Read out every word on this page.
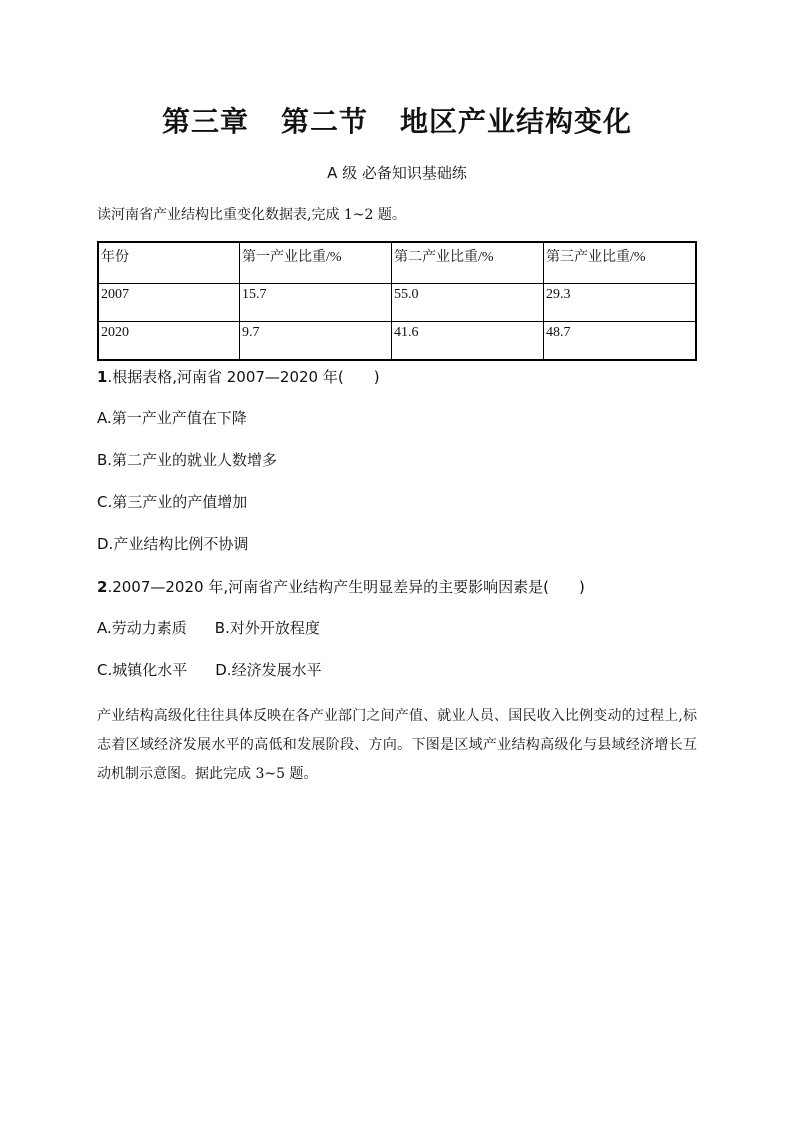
第三章 第二节 地区产业结构变化
A 级 必备知识基础练
读河南省产业结构比重变化数据表,完成 1~2 题。
年份	第一产业比重/%	第二产业比重/%	第三产业比重/%
2007	15.7	55.0	29.3
2020	9.7	41.6	48.7
1.根据表格,河南省 2007—2020 年(　　)
A.第一产业产值在下降
B.第二产业的就业人数增多
C.第三产业的产值增加
D.产业结构比例不协调
2.2007—2020 年,河南省产业结构产生明显差异的主要影响因素是(　　)
A.劳动力素质 B.对外开放程度
C.城镇化水平 D.经济发展水平
产业结构高级化往往具体反映在各产业部门之间产值、就业人员、国民收入比例变动的过程上,标志着区域经济发展水平的高低和发展阶段、方向。下图是区域产业结构高级化与县域经济增长互动机制示意图。据此完成 3~5 题。
